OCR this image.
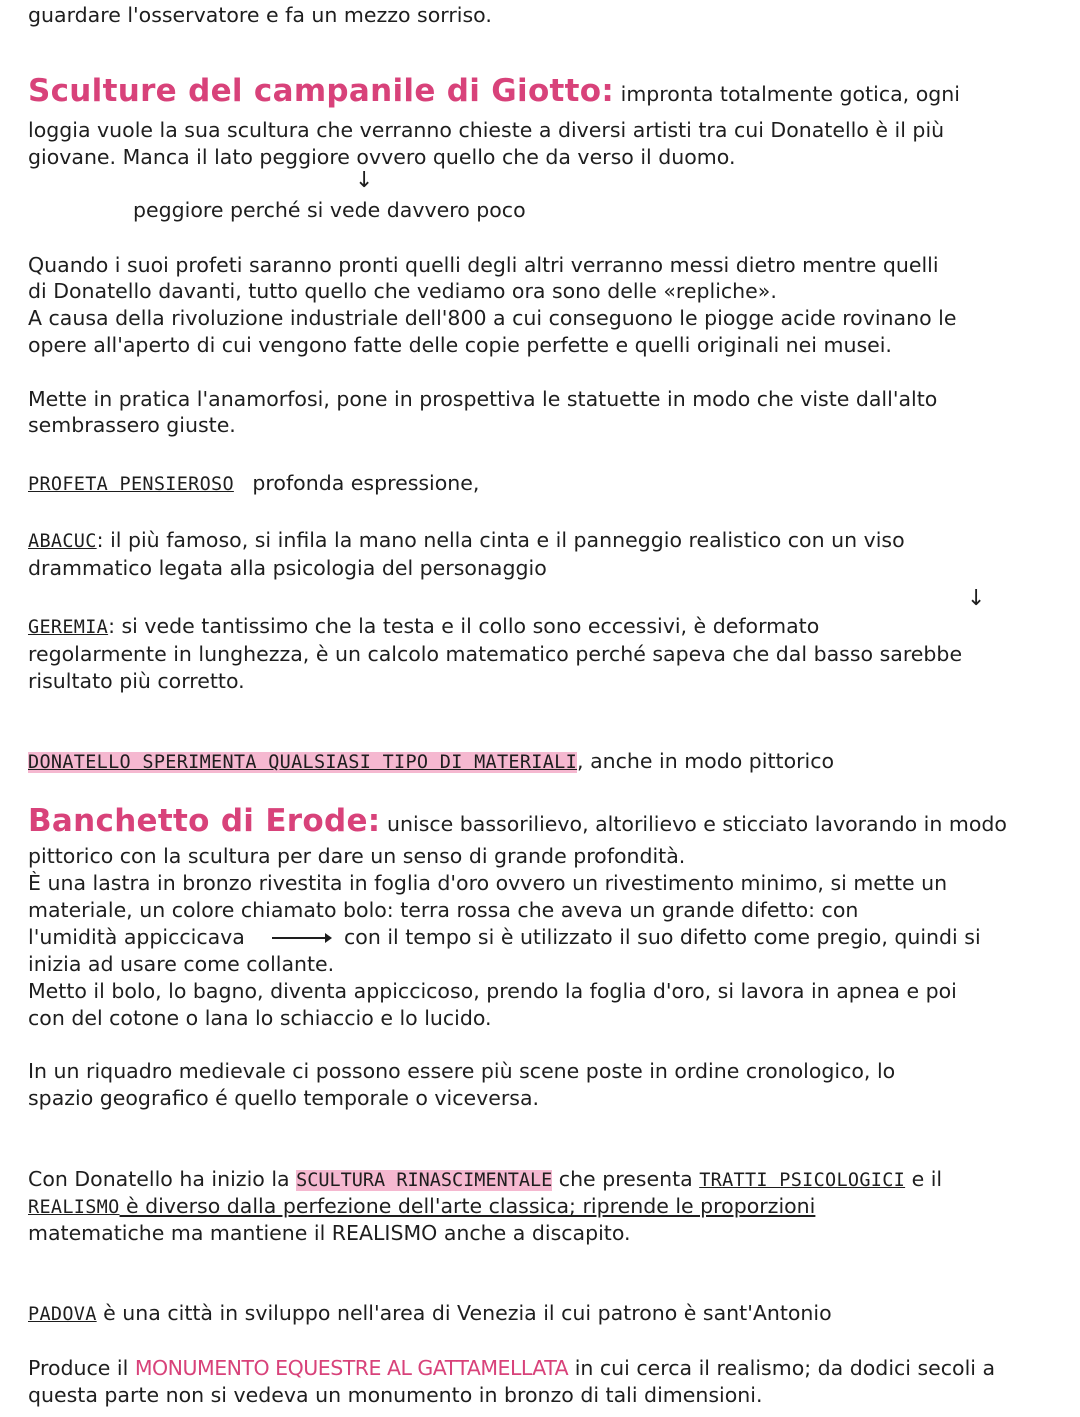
guardare l'osservatore e fa un mezzo sorriso.
Sculture del campanile di Giotto: impronta totalmente gotica, ogni
loggia vuole la sua scultura che verranno chieste a diversi artisti tra cui Donatello è il più
giovane. Manca il lato peggiore ovvero quello che da verso il duomo.
↓
peggiore perché si vede davvero poco
Quando i suoi profeti saranno pronti quelli degli altri verranno messi dietro mentre quelli
di Donatello davanti, tutto quello che vediamo ora sono delle «repliche».
A causa della rivoluzione industriale dell'800 a cui conseguono le piogge acide rovinano le
opere all'aperto di cui vengono fatte delle copie perfette e quelli originali nei musei.
Mette in pratica l'anamorfosi, pone in prospettiva le statuette in modo che viste dall'alto
sembrassero giuste.
PROFETA PENSIEROSO profonda espressione,
ABACUC: il più famoso, si infila la mano nella cinta e il panneggio realistico con un viso
drammatico legata alla psicologia del personaggio
↓
GEREMIA: si vede tantissimo che la testa e il collo sono eccessivi, è deformato
regolarmente in lunghezza, è un calcolo matematico perché sapeva che dal basso sarebbe
risultato più corretto.
DONATELLO SPERIMENTA QUALSIASI TIPO DI MATERIALI, anche in modo pittorico
Banchetto di Erode: unisce bassorilievo, altorilievo e sticciato lavorando in modo
pittorico con la scultura per dare un senso di grande profondità.
È una lastra in bronzo rivestita in foglia d'oro ovvero un rivestimento minimo, si mette un
materiale, un colore chiamato bolo: terra rossa che aveva un grande difetto: con
l'umidità appiccicava	con il tempo si è utilizzato il suo difetto come pregio, quindi si
inizia ad usare come collante.
Metto il bolo, lo bagno, diventa appiccicoso, prendo la foglia d'oro, si lavora in apnea e poi
con del cotone o lana lo schiaccio e lo lucido.
In un riquadro medievale ci possono essere più scene poste in ordine cronologico, lo
spazio geografico é quello temporale o viceversa.
Con Donatello ha inizio la SCULTURA RINASCIMENTALE che presenta TRATTI PSICOLOGICI e il
REALISMO è diverso dalla perfezione dell'arte classica; riprende le proporzioni
matematiche ma mantiene il REALISMO anche a discapito.
PADOVA è una città in sviluppo nell'area di Venezia il cui patrono è sant'Antonio
Produce il MONUMENTO EQUESTRE AL GATTAMELLATA in cui cerca il realismo; da dodici secoli a
questa parte non si vedeva un monumento in bronzo di tali dimensioni.
